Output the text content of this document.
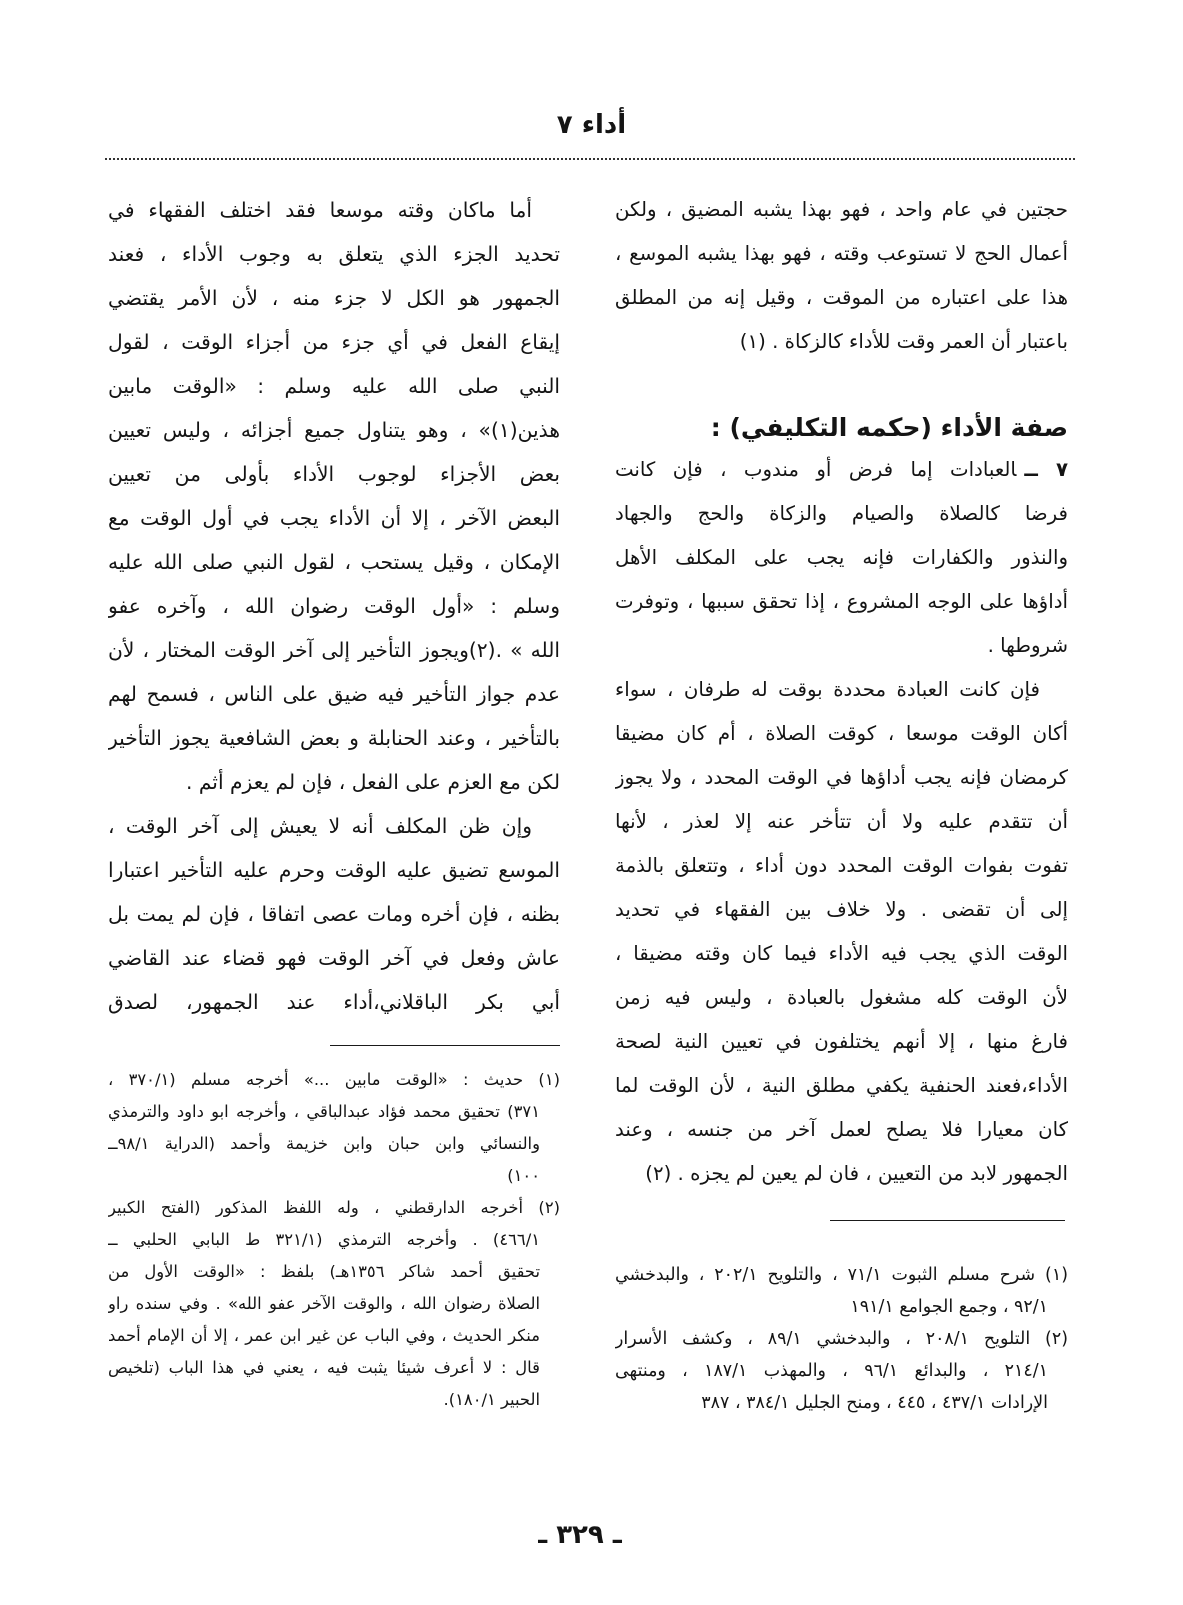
أداء ٧
حجتين في عام واحد ، فهو بهذا يشبه المضيق ، ولكن
أعمال الحج لا تستوعب وقته ، فهو بهذا يشبه الموسع ،
هذا على اعتباره من الموقت ، وقيل إنه من المطلق
باعتبار أن العمر وقت للأداء كالزكاة . (١)
صفة الأداء (حكمه التكليفي) :
٧ ــالعبادات إما فرض أو مندوب ، فإن كانت
فرضا كالصلاة والصيام والزكاة والحج والجهاد
والنذور والكفارات فإنه يجب على المكلف الأهل
أداؤها على الوجه المشروع ، إذا تحقق سببها ، وتوفرت
شروطها .
فإن كانت العبادة محددة بوقت له طرفان ، سواء
أكان الوقت موسعا ، كوقت الصلاة ، أم كان مضيقا
كرمضان فإنه يجب أداؤها في الوقت المحدد ، ولا يجوز
أن تتقدم عليه ولا أن تتأخر عنه إلا لعذر ، لأنها
تفوت بفوات الوقت المحدد دون أداء ، وتتعلق بالذمة
إلى أن تقضى . ولا خلاف بين الفقهاء في تحديد
الوقت الذي يجب فيه الأداء فيما كان وقته مضيقا ،
لأن الوقت كله مشغول بالعبادة ، وليس فيه زمن
فارغ منها ، إلا أنهم يختلفون في تعيين النية لصحة
الأداء،فعند الحنفية يكفي مطلق النية ، لأن الوقت لما
كان معيارا فلا يصلح لعمل آخر من جنسه ، وعند
الجمهور لابد من التعيين ، فان لم يعين لم يجزه . (٢)
(١) شرح مسلم الثبوت ٧١/١ ، والتلويح ٢٠٢/١ ، والبدخشي
٩٢/١ ، وجمع الجوامع ١٩١/١
(٢) التلويح ٢٠٨/١ ، والبدخشي ٨٩/١ ، وكشف الأسرار
٢١٤/١ ، والبدائع ٩٦/١ ، والمهذب ١٨٧/١ ، ومنتهى
الإرادات ٤٣٧/١ ، ٤٤٥ ، ومنح الجليل ٣٨٤/١ ، ٣٨٧
أما ماكان وقته موسعا فقد اختلف الفقهاء في
تحديد الجزء الذي يتعلق به وجوب الأداء ، فعند
الجمهور هو الكل لا جزء منه ، لأن الأمر يقتضي
إيقاع الفعل في أي جزء من أجزاء الوقت ، لقول
النبي صلى الله عليه وسلم : «الوقت مابين
هذين(١)» ، وهو يتناول جميع أجزائه ، وليس تعيين
بعض الأجزاء لوجوب الأداء بأولى من تعيين
البعض الآخر ، إلا أن الأداء يجب في أول الوقت مع
الإمكان ، وقيل يستحب ، لقول النبي صلى الله عليه
وسلم : «أول الوقت رضوان الله ، وآخره عفو
الله » .(٢)ويجوز التأخير إلى آخر الوقت المختار ، لأن
عدم جواز التأخير فيه ضيق على الناس ، فسمح لهم
بالتأخير ، وعند الحنابلة و بعض الشافعية يجوز التأخير
لكن مع العزم على الفعل ، فإن لم يعزم أثم .
وإن ظن المكلف أنه لا يعيش إلى آخر الوقت ،
الموسع تضيق عليه الوقت وحرم عليه التأخير اعتبارا
بظنه ، فإن أخره ومات عصى اتفاقا ، فإن لم يمت بل
عاش وفعل في آخر الوقت فهو قضاء عند القاضي
أبي بكر الباقلاني،أداء عند الجمهور، لصدق
(١) حديث : «الوقت مابين ...» أخرجه مسلم (٣٧٠/١ ،
٣٧١) تحقيق محمد فؤاد عبدالباقي ، وأخرجه ابو داود والترمذي
والنسائي وابن حبان وابن خزيمة وأحمد (الدراية ٩٨/١ــ
١٠٠)
(٢) أخرجه الدارقطني ، وله اللفظ المذكور (الفتح الكبير
٤٦٦/١) . وأخرجه الترمذي (٣٢١/١ ط البابي الحلبي ــ
تحقيق أحمد شاكر ١٣٥٦هـ) بلفظ : «الوقت الأول من
الصلاة رضوان الله ، والوقت الآخر عفو الله» . وفي سنده راو
منكر الحديث ، وفي الباب عن غير ابن عمر ، إلا أن الإمام أحمد
قال : لا أعرف شيئا يثبت فيه ، يعني في هذا الباب (تلخيص
الحبير ١٨٠/١).
ـ ٣٢٩ ـ
